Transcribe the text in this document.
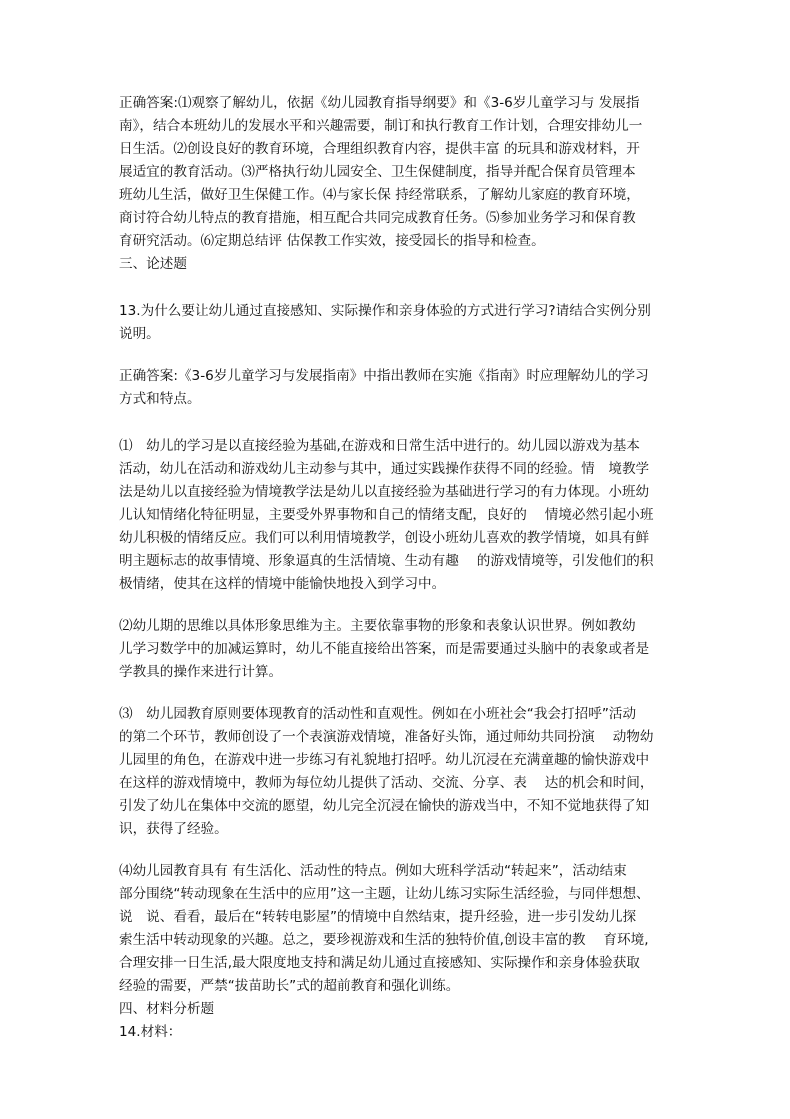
正确答案:⑴观察了解幼儿，依据《幼儿园教育指导纲要》和《3-6岁儿童学习与 发展指
南》，结合本班幼儿的发展水平和兴趣需要，制订和执行教育工作计划，合理安排幼儿一
日生活。⑵创设良好的教育环境，合理组织教育内容，提供丰富 的玩具和游戏材料，开
展适宜的教育活动。⑶严格执行幼儿园安全、卫生保健制度，指导并配合保育员管理本
班幼儿生活，做好卫生保健工作。⑷与家长保 持经常联系，了解幼儿家庭的教育环境，
商讨符合幼儿特点的教育措施，相互配合共同完成教育任务。⑸参加业务学习和保育教
育研究活动。⑹定期总结评 估保教工作实效，接受园长的指导和检查。
三、论述题
13.为什么要让幼儿通过直接感知、实际操作和亲身体验的方式进行学习?请结合实例分别
说明。
正确答案:《3-6岁儿童学习与发展指南》中指出教师在实施《指南》时应理解幼儿的学习
方式和特点。
⑴　幼儿的学习是以直接经验为基础,在游戏和日常生活中进行的。幼儿园以游戏为基本
活动，幼儿在活动和游戏幼儿主动参与其中，通过实践操作获得不同的经验。情　境教学
法是幼儿以直接经验为情境教学法是幼儿以直接经验为基础进行学习的有力体现。小班幼
儿认知情绪化特征明显，主要受外界事物和自己的情绪支配，良好的　 情境必然引起小班
幼儿积极的情绪反应。我们可以利用情境教学，创设小班幼儿喜欢的教学情境，如具有鲜
明主题标志的故事情境、形象逼真的生活情境、生动有趣　 的游戏情境等，引发他们的积
极情绪，使其在这样的情境中能愉快地投入到学习中。
⑵幼儿期的思维以具体形象思维为主。主要依靠事物的形象和表象认识世界。例如教幼
儿学习数学中的加减运算时，幼儿不能直接给出答案，而是需要通过头脑中的表象或者是
学教具的操作来进行计算。
⑶　幼儿园教育原则要体现教育的活动性和直观性。例如在小班社会“我会打招呼”活动
的第二个环节，教师创设了一个表演游戏情境，准备好头饰，通过师幼共同扮演　 动物幼
儿园里的角色，在游戏中进一步练习有礼貌地打招呼。幼儿沉浸在充满童趣的愉快游戏中
在这样的游戏情境中，教师为每位幼儿提供了活动、交流、分享、表　 达的机会和时间，
引发了幼儿在集体中交流的愿望，幼儿完全沉浸在愉快的游戏当中，不知不觉地获得了知
识，获得了经验。
⑷幼儿园教育具有 有生活化、活动性的特点。例如大班科学活动“转起来”，活动结束
部分围绕“转动现象在生活中的应用”这一主题，让幼儿练习实际生活经验，与同伴想想、
说　说、看看，最后在“转转电影屋”的情境中自然结束，提升经验，进一步引发幼儿探
索生活中转动现象的兴趣。总之，要珍视游戏和生活的独特价值,创设丰富的教　 育环境,
合理安排一日生活,最大限度地支持和满足幼儿通过直接感知、实际操作和亲身体验获取
经验的需要，严禁“拔苗助长”式的超前教育和强化训练。
四、材料分析题
14.材料：
